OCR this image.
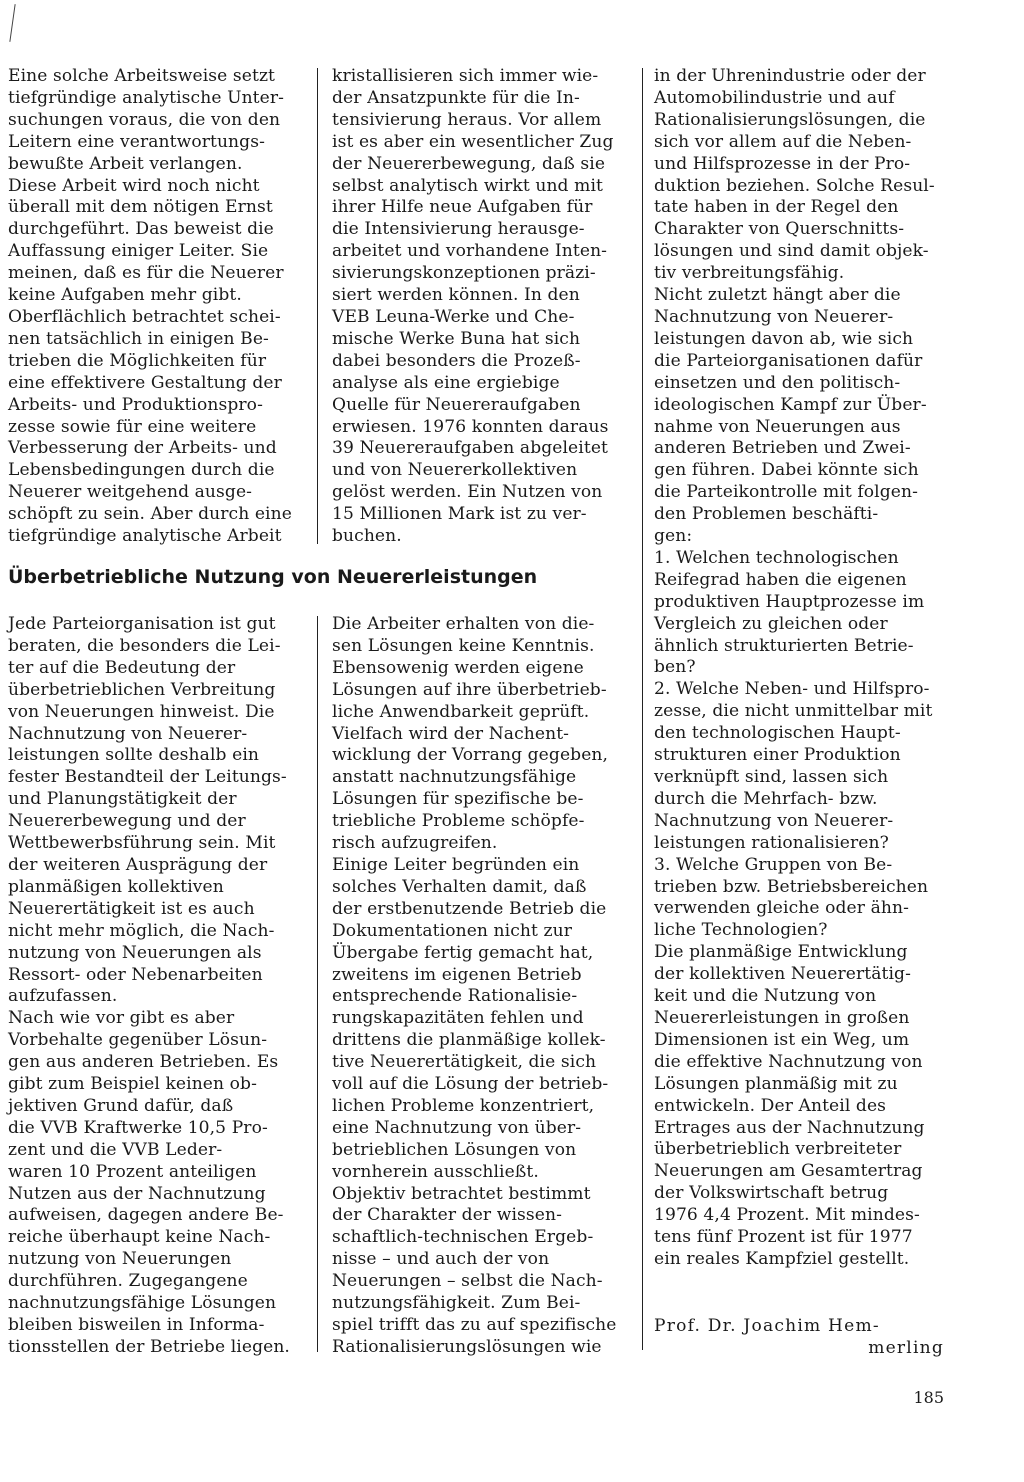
Eine solche Arbeitsweise setzt
tiefgründige analytische Unter-
suchungen voraus, die von den
Leitern eine verantwortungs-
bewußte Arbeit verlangen.
Diese Arbeit wird noch nicht
überall mit dem nötigen Ernst
durchgeführt. Das beweist die
Auffassung einiger Leiter. Sie
meinen, daß es für die Neuerer
keine Aufgaben mehr gibt.
Oberflächlich betrachtet schei-
nen tatsächlich in einigen Be-
trieben die Möglichkeiten für
eine effektivere Gestaltung der
Arbeits- und Produktionspro-
zesse sowie für eine weitere
Verbesserung der Arbeits- und
Lebensbedingungen durch die
Neuerer weitgehend ausge-
schöpft zu sein. Aber durch eine
tiefgründige analytische Arbeit

kristallisieren sich immer wie-
der Ansatzpunkte für die In-
tensivierung heraus. Vor allem
ist es aber ein wesentlicher Zug
der Neuererbewegung, daß sie
selbst analytisch wirkt und mit
ihrer Hilfe neue Aufgaben für
die Intensivierung herausge-
arbeitet und vorhandene Inten-
sivierungskonzeptionen präzi-
siert werden können. In den
VEB Leuna-Werke und Che-
mische Werke Buna hat sich
dabei besonders die Prozeß-
analyse als eine ergiebige
Quelle für Neuereraufgaben
erwiesen. 1976 konnten daraus
39 Neuereraufgaben abgeleitet
und von Neuererkollektiven
gelöst werden. Ein Nutzen von
15 Millionen Mark ist zu ver-
buchen.

Überbetriebliche Nutzung von Neuererleistungen

Jede Parteiorganisation ist gut
beraten, die besonders die Lei-
ter auf die Bedeutung der
überbetrieblichen Verbreitung
von Neuerungen hinweist. Die
Nachnutzung von Neuerer-
leistungen sollte deshalb ein
fester Bestandteil der Leitungs-
und Planungstätigkeit der
Neuererbewegung und der
Wettbewerbsführung sein. Mit
der weiteren Ausprägung der
planmäßigen kollektiven
Neuerertätigkeit ist es auch
nicht mehr möglich, die Nach-
nutzung von Neuerungen als
Ressort- oder Nebenarbeiten
aufzufassen.

Nach wie vor gibt es aber
Vorbehalte gegenüber Lösun-
gen aus anderen Betrieben. Es
gibt zum Beispiel keinen ob-
jektiven Grund dafür, daß
die VVB Kraftwerke 10,5 Pro-
zent und die VVB Leder-
waren 10 Prozent anteiligen
Nutzen aus der Nachnutzung
aufweisen, dagegen andere Be-
reiche überhaupt keine Nach-
nutzung von Neuerungen
durchführen. Zugegangene
nachnutzungsfähige Lösungen
bleiben bisweilen in Informa-
tionsstellen der Betriebe liegen.

Die Arbeiter erhalten von die-
sen Lösungen keine Kenntnis.
Ebensowenig werden eigene
Lösungen auf ihre überbetrieb-
liche Anwendbarkeit geprüft.
Vielfach wird der Nachent-
wicklung der Vorrang gegeben,
anstatt nachnutzungsfähige
Lösungen für spezifische be-
triebliche Probleme schöpfe-
risch aufzugreifen.

Einige Leiter begründen ein
solches Verhalten damit, daß
der erstbenutzende Betrieb die
Dokumentationen nicht zur
Übergabe fertig gemacht hat,
zweitens im eigenen Betrieb
entsprechende Rationalisie-
rungskapazitäten fehlen und
drittens die planmäßige kollek-
tive Neuerertätigkeit, die sich
voll auf die Lösung der betrieb-
lichen Probleme konzentriert,
eine Nachnutzung von über-
betrieblichen Lösungen von
vornherein ausschließt.

Objektiv betrachtet bestimmt
der Charakter der wissen-
schaftlich-technischen Ergeb-
nisse – und auch der von
Neuerungen – selbst die Nach-
nutzungsfähigkeit. Zum Bei-
spiel trifft das zu auf spezifische
Rationalisierungslösungen wie

in der Uhrenindustrie oder der
Automobilindustrie und auf
Rationalisierungslösungen, die
sich vor allem auf die Neben-
und Hilfsprozesse in der Pro-
duktion beziehen. Solche Resul-
tate haben in der Regel den
Charakter von Querschnitts-
lösungen und sind damit objek-
tiv verbreitungsfähig.

Nicht zuletzt hängt aber die
Nachnutzung von Neuerer-
leistungen davon ab, wie sich
die Parteiorganisationen dafür
einsetzen und den politisch-
ideologischen Kampf zur Über-
nahme von Neuerungen aus
anderen Betrieben und Zwei-
gen führen. Dabei könnte sich
die Parteikontrolle mit folgen-
den Problemen beschäfti-
gen:

1. Welchen technologischen
Reifegrad haben die eigenen
produktiven Hauptprozesse im
Vergleich zu gleichen oder
ähnlich strukturierten Betrie-
ben?

2. Welche Neben- und Hilfspro-
zesse, die nicht unmittelbar mit
den technologischen Haupt-
strukturen einer Produktion
verknüpft sind, lassen sich
durch die Mehrfach- bzw.
Nachnutzung von Neuerer-
leistungen rationalisieren?

3. Welche Gruppen von Be-
trieben bzw. Betriebsbereichen
verwenden gleiche oder ähn-
liche Technologien?

Die planmäßige Entwicklung
der kollektiven Neuerertätig-
keit und die Nutzung von
Neuererleistungen in großen
Dimensionen ist ein Weg, um
die effektive Nachnutzung von
Lösungen planmäßig mit zu
entwickeln. Der Anteil des
Ertrages aus der Nachnutzung
überbetrieblich verbreiteter
Neuerungen am Gesamtertrag
der Volkswirtschaft betrug
1976 4,4 Prozent. Mit mindes-
tens fünf Prozent ist für 1977
ein reales Kampfziel gestellt.

Prof. Dr. Joachim Hem-
merling
185
